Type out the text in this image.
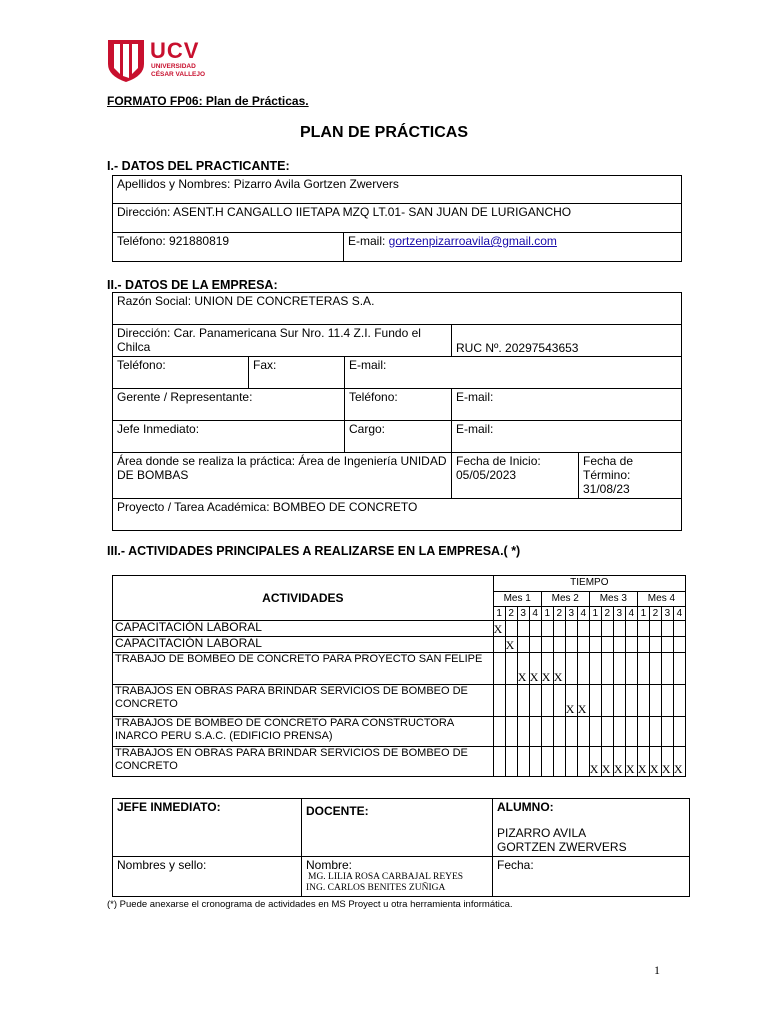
UCV
UNIVERSIDAD
CÉSAR VALLEJO
FORMATO FP06: Plan de Prácticas.
PLAN DE PRÁCTICAS
I.- DATOS DEL PRACTICANTE:
Apellidos y Nombres: Pizarro Avila Gortzen Zwervers
Dirección: ASENT.H CANGALLO IIETAPA MZQ LT.01- SAN JUAN DE LURIGANCHO
Teléfono: 921880819	E-mail: gortzenpizarroavila@gmail.com
II.- DATOS DE LA EMPRESA:
Razón Social: UNION DE CONCRETERAS S.A.				
Dirección: Car. Panamericana Sur Nro. 11.4 Z.I. Fundo el Chilca			RUC Nº. 20297543653	
Teléfono:	Fax:	E-mail:		
Gerente / Representante:		Teléfono:	E-mail:	
Jefe Inmediato:		Cargo:	E-mail:	
Área donde se realiza la práctica: Área de Ingeniería UNIDAD DE BOMBAS			Fecha de Inicio: 05/05/2023	Fecha de Término: 31/08/23
Proyecto / Tarea Académica: BOMBEO DE CONCRETO				
III.- ACTIVIDADES PRINCIPALES A REALIZARSE EN LA EMPRESA.( *)
ACTIVIDADES	TIEMPO															
	Mes 1				Mes 2				Mes 3				Mes 4			
	1	2	3	4	1	2	3	4	1	2	3	4	1	2	3	4
CAPACITACIÓN LABORAL	X															
CAPACITACIÓN LABORAL		X														
TRABAJO DE BOMBEO DE CONCRETO PARA PROYECTO SAN FELIPE			X	X	X	X										
TRABAJOS EN OBRAS PARA BRINDAR SERVICIOS DE BOMBEO DE CONCRETO							X	X								
TRABAJOS DE BOMBEO DE CONCRETO PARA CONSTRUCTORA INARCO PERU S.A.C. (EDIFICIO PRENSA)																
TRABAJOS EN OBRAS PARA BRINDAR SERVICIOS DE BOMBEO DE CONCRETO									X	X	X	X	X	X	X	X
JEFE INMEDIATO:	DOCENTE:	ALUMNO:
PIZARRO AVILA
GORTZEN ZWERVERS

Nombres y sello:	Nombre:
MG. LILIA ROSA CARBAJAL REYES
ING. CARLOS BENITES ZUÑIGA	Fecha:
(*) Puede anexarse el cronograma de actividades en MS Proyect u otra herramienta informática.
1
